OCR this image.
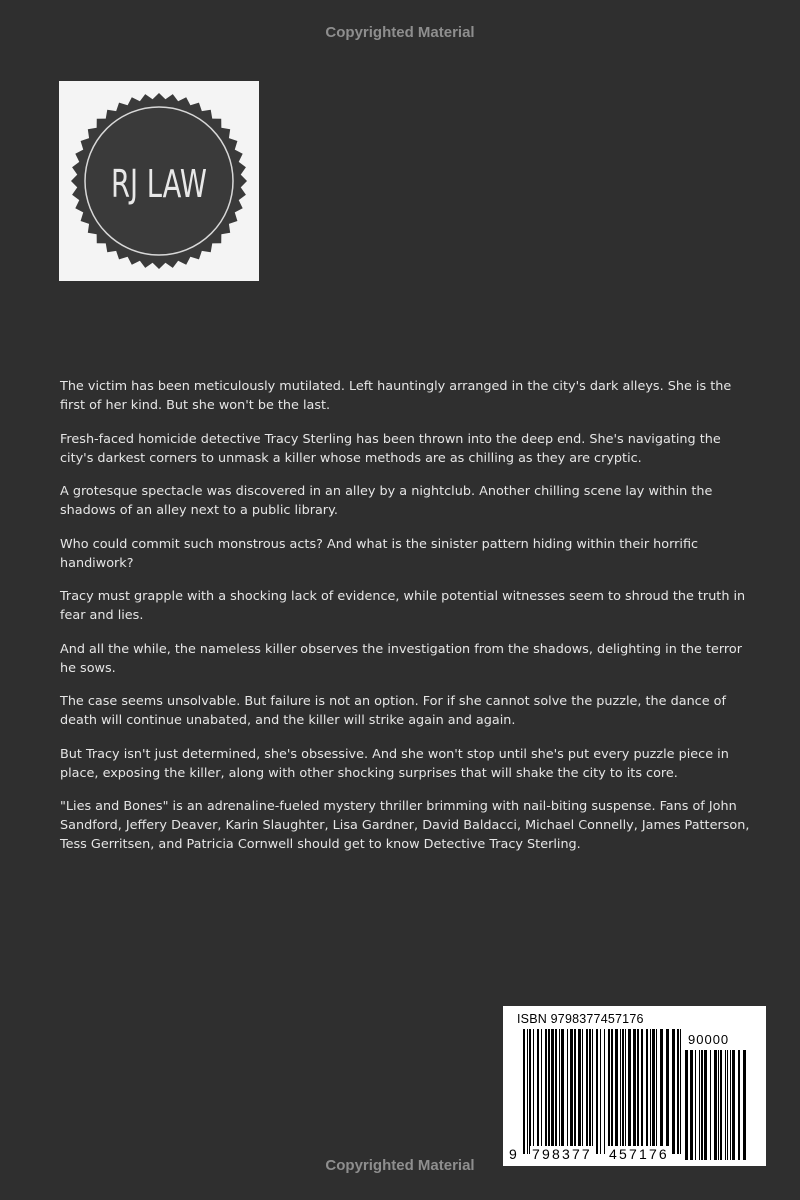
Copyrighted Material
RJ LAW

The victim has been meticulously mutilated. Left hauntingly arranged in the city's dark alleys. She is the first of her kind. But she won't be the last.

Fresh-faced homicide detective Tracy Sterling has been thrown into the deep end. She's navigating the city's darkest corners to unmask a killer whose methods are as chilling as they are cryptic.

A grotesque spectacle was discovered in an alley by a nightclub. Another chilling scene lay within the shadows of an alley next to a public library.

Who could commit such monstrous acts? And what is the sinister pattern hiding within their horrific handiwork?

Tracy must grapple with a shocking lack of evidence, while potential witnesses seem to shroud the truth in fear and lies.

And all the while, the nameless killer observes the investigation from the shadows, delighting in the terror he sows.

The case seems unsolvable. But failure is not an option. For if she cannot solve the puzzle, the dance of death will continue unabated, and the killer will strike again and again.

But Tracy isn't just determined, she's obsessive. And she won't stop until she's put every puzzle piece in place, exposing the killer, along with other shocking surprises that will shake the city to its core.

"Lies and Bones" is an adrenaline-fueled mystery thriller brimming with nail-biting suspense. Fans of John Sandford, Jeffery Deaver, Karin Slaughter, Lisa Gardner, David Baldacci, Michael Connelly, James Patterson, Tess Gerritsen, and Patricia Cornwell should get to know Detective Tracy Sterling.

ISBN 9798377457176
90000
9 798377 457176
Copyrighted Material
